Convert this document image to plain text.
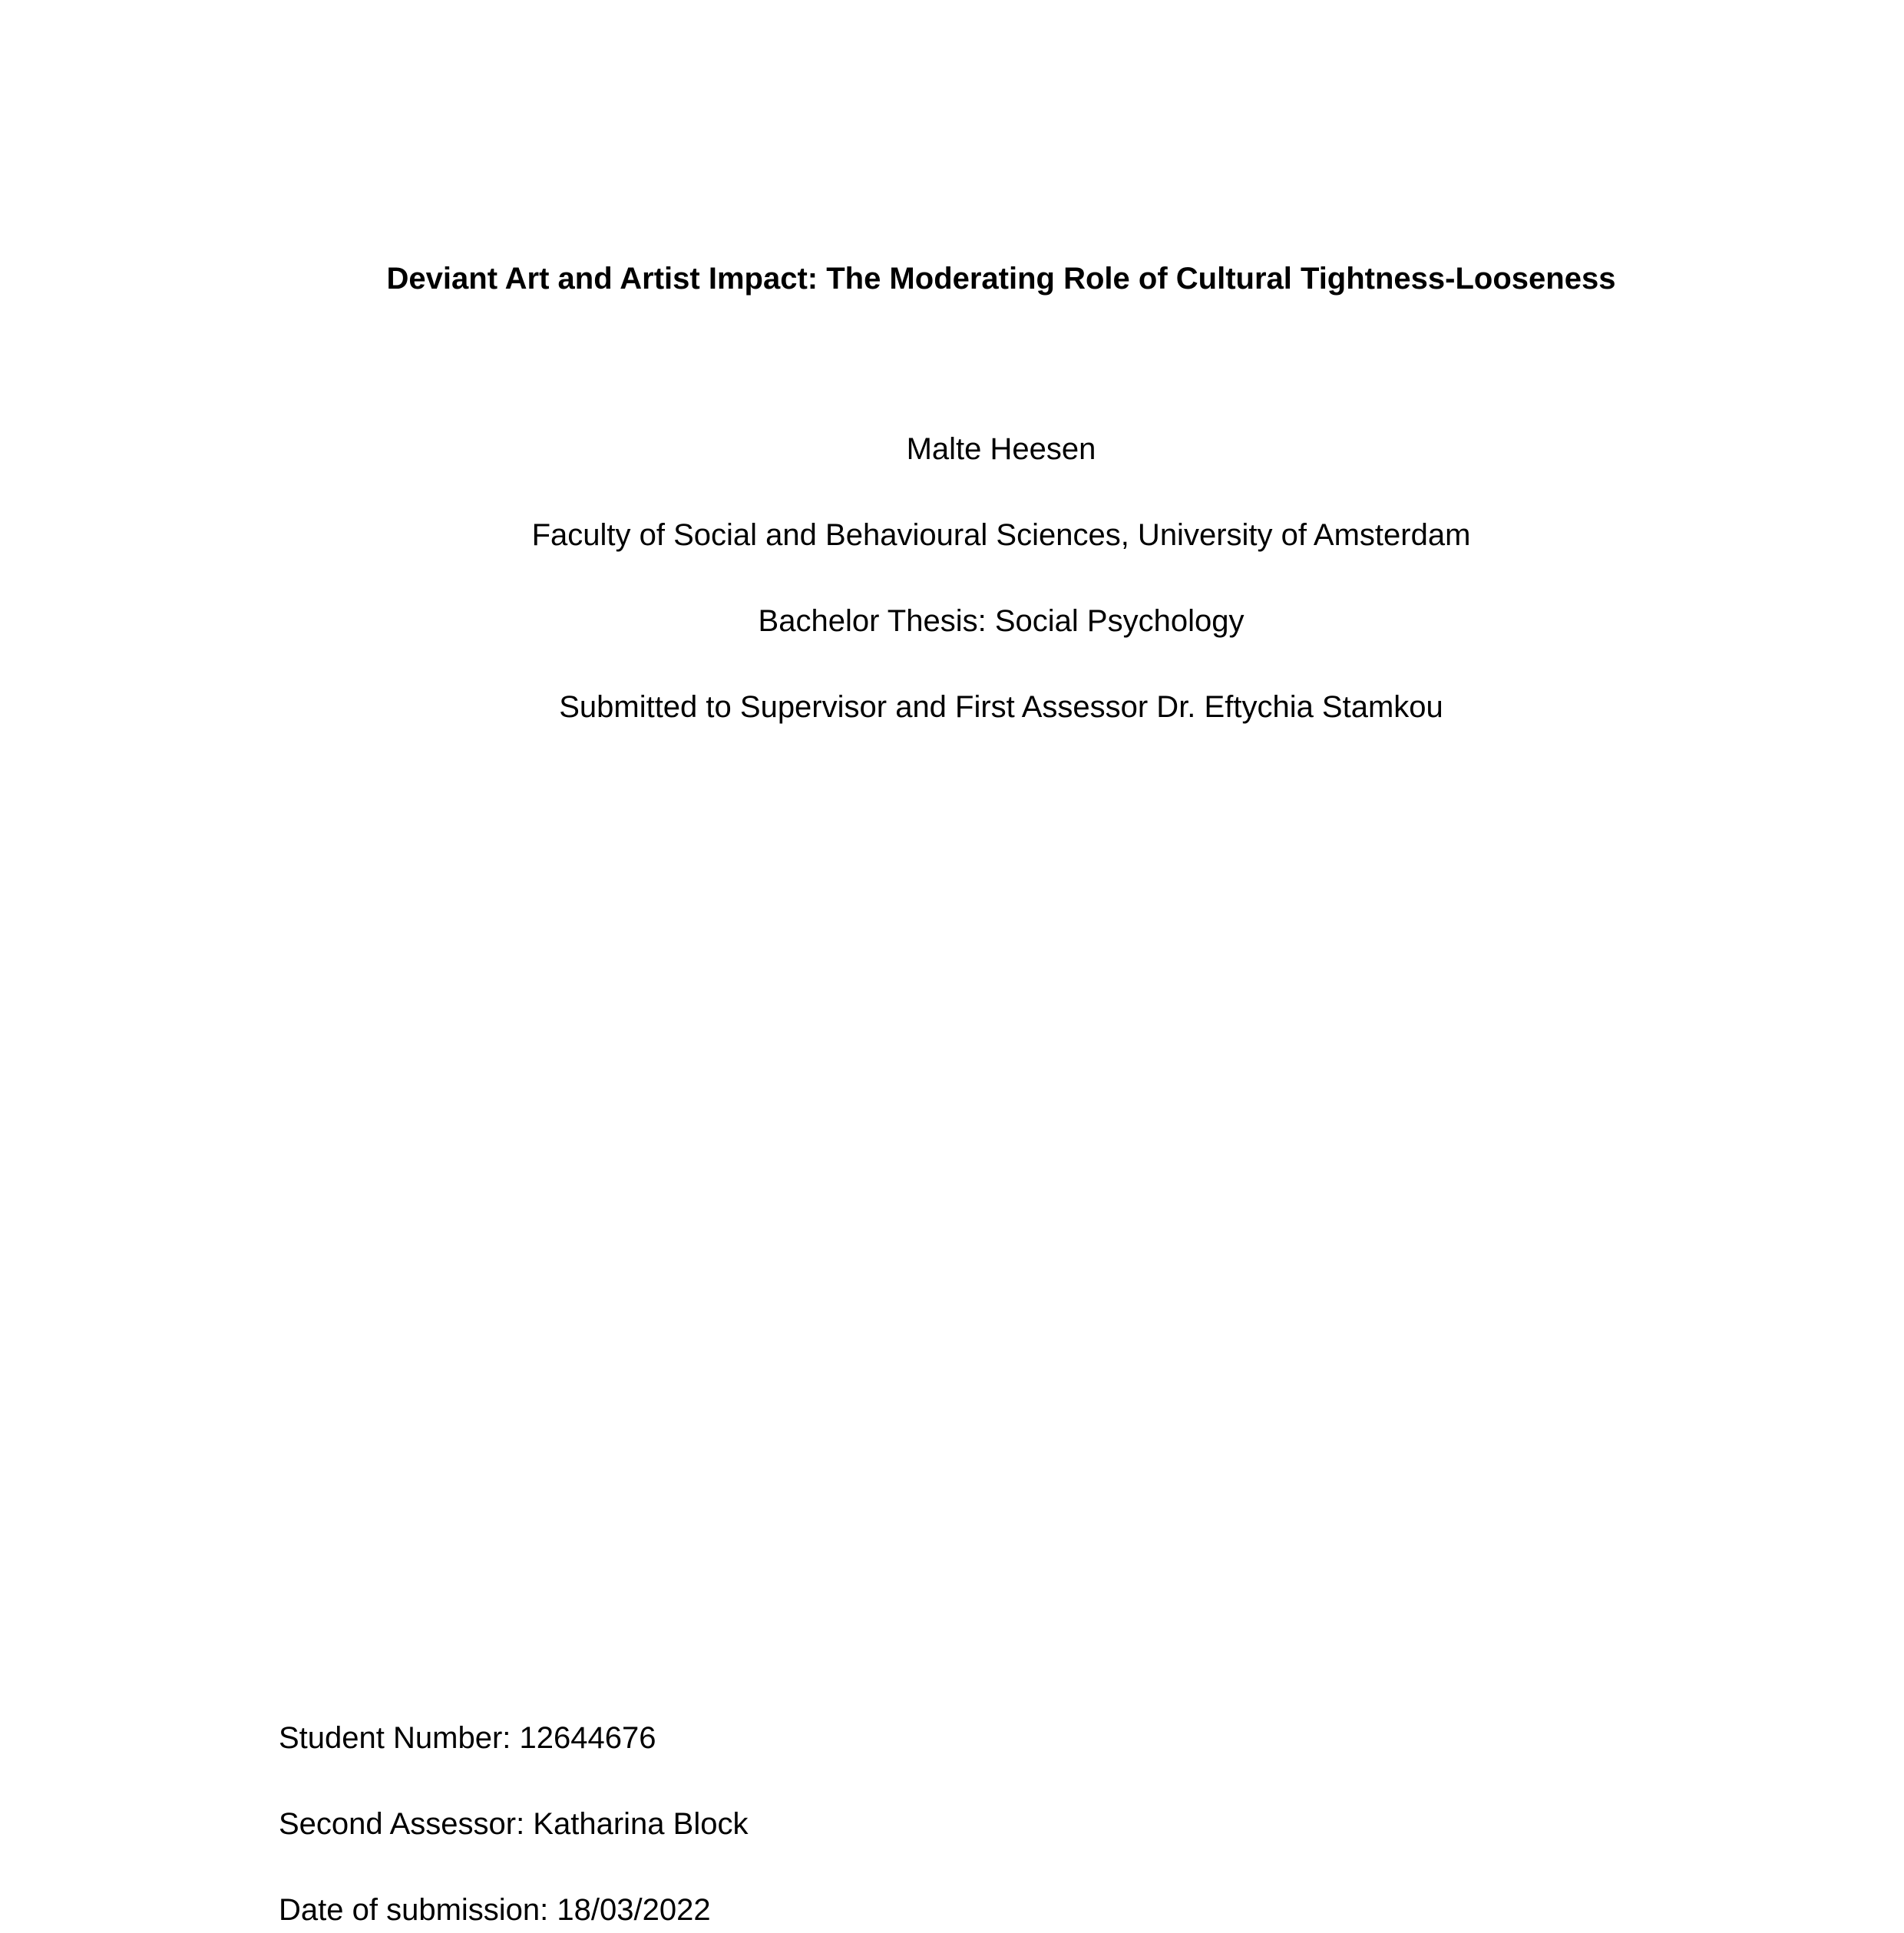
Deviant Art and Artist Impact: The Moderating Role of Cultural Tightness-Looseness
Malte Heesen
Faculty of Social and Behavioural Sciences, University of Amsterdam
Bachelor Thesis: Social Psychology
Submitted to Supervisor and First Assessor Dr. Eftychia Stamkou
Student Number: 12644676
Second Assessor: Katharina Block
Date of submission: 18/03/2022
